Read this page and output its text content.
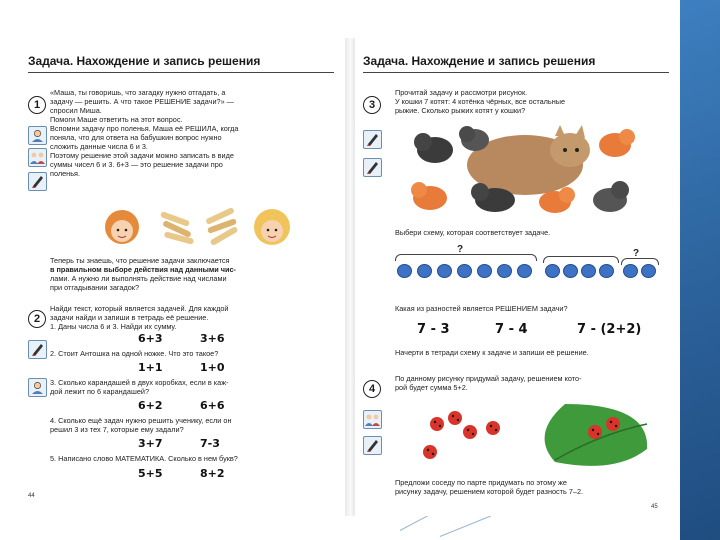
Задача. Нахождение и запись решения
1
«Маша, ты говоришь, что загадку нужно отгадать, а
задачу — решить. А что такое РЕШЕНИЕ задачи?» —
спросил Миша.
Помоги Маше ответить на этот вопрос.
Вспомни задачу про поленья. Маша её РЕШИЛА, когда
поняла, что для ответа на бабушкин вопрос нужно
сложить данные числа 6 и 3.
Поэтому решение этой задачи можно записать в виде
суммы чисел 6 и 3. 6+3 — это решение задачи про
поленья.
Теперь ты знаешь, что решение задачи заключается
в правильном выборе действия над данными чис-
лами. А нужно ли выполнять действие над числами
при отгадывании загадок?
2
Найди текст, который является задачей. Для каждой
задачи найди и запиши в тетрадь её решение.
1. Даны числа 6 и 3. Найди их сумму.
6+3	3+6
2. Стоит Антошка на одной ножке. Что это такое?
1+1	1+0
3. Сколько карандашей в двух коробках, если в каж-
дой лежит по 6 карандашей?
6+2	6+6
4. Сколько ещё задач нужно решить ученику, если он
решил 3 из тех 7, которые ему задали?
3+7	7-3
5. Написано слово МАТЕМАТИКА. Сколько в нем букв?
5+5	8+2
44
Задача. Нахождение и запись решения
3
Прочитай задачу и рассмотри рисунок.
У кошки 7 котят: 4 котёнка чёрных, все остальные
рыжие. Сколько рыжих котят у кошки?
Выбери схему, которая соответствует задаче.
?	?
Какая из разностей является РЕШЕНИЕМ задачи?
7 - 3	7 - 4	7 - (2+2)
Начерти в тетради схему к задаче и запиши её решение.
4
По данному рисунку придумай задачу, решением кото-
рой будет сумма 5+2.
Предложи соседу по парте придумать по этому же
рисунку задачу, решением которой будет разность 7–2.
45
